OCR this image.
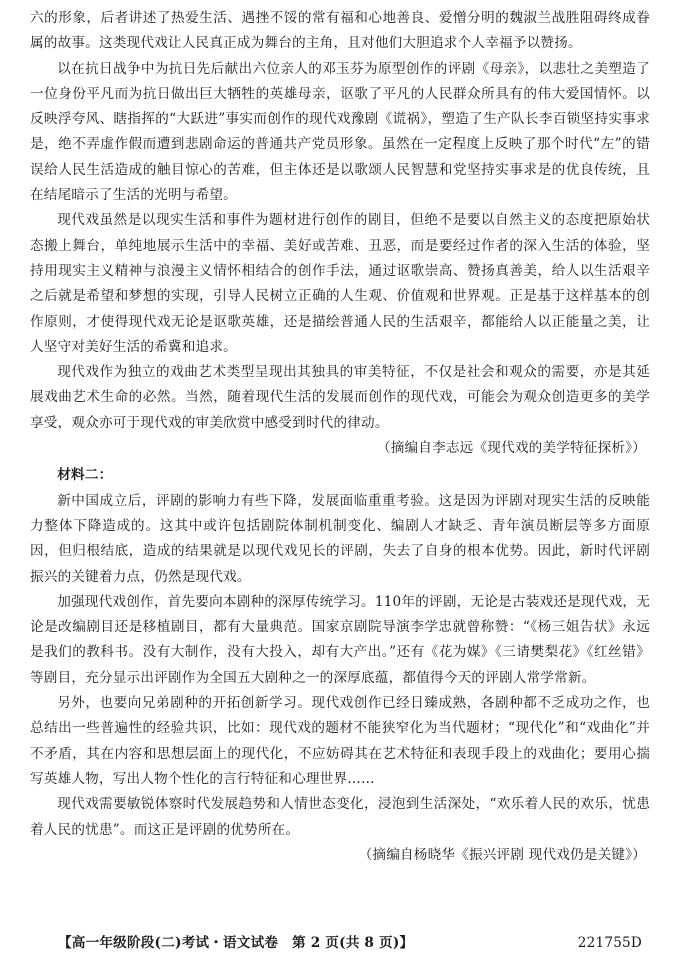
六的形象，后者讲述了热爱生活、遇挫不馁的常有福和心地善良、爱憎分明的魏淑兰战胜阻碍终成眷属的故事。这类现代戏让人民真正成为舞台的主角，且对他们大胆追求个人幸福予以赞扬。

以在抗日战争中为抗日先后献出六位亲人的邓玉芬为原型创作的评剧《母亲》，以悲壮之美塑造了一位身份平凡而为抗日做出巨大牺牲的英雄母亲，讴歌了平凡的人民群众所具有的伟大爱国情怀。以反映浮夸风、瞎指挥的“大跃进”事实而创作的现代戏豫剧《谎祸》，塑造了生产队长李百锁坚持实事求是，绝不弄虚作假而遭到悲剧命运的普通共产党员形象。虽然在一定程度上反映了那个时代“左”的错误给人民生活造成的触目惊心的苦难，但主体还是以歌颂人民智慧和党坚持实事求是的优良传统，且在结尾暗示了生活的光明与希望。

现代戏虽然是以现实生活和事件为题材进行创作的剧目，但绝不是要以自然主义的态度把原始状态搬上舞台，单纯地展示生活中的幸福、美好或苦难、丑恶，而是要经过作者的深入生活的体验，坚持用现实主义精神与浪漫主义情怀相结合的创作手法，通过讴歌崇高、赞扬真善美，给人以生活艰辛之后就是希望和梦想的实现，引导人民树立正确的人生观、价值观和世界观。正是基于这样基本的创作原则，才使得现代戏无论是讴歌英雄，还是描绘普通人民的生活艰辛，都能给人以正能量之美，让人坚守对美好生活的希冀和追求。

现代戏作为独立的戏曲艺术类型呈现出其独具的审美特征，不仅是社会和观众的需要，亦是其延展戏曲艺术生命的必然。当然，随着现代生活的发展而创作的现代戏，可能会为观众创造更多的美学享受，观众亦可于现代戏的审美欣赏中感受到时代的律动。

（摘编自李志远《现代戏的美学特征探析》）

材料二：

新中国成立后，评剧的影响力有些下降，发展面临重重考验。这是因为评剧对现实生活的反映能力整体下降造成的。这其中或许包括剧院体制机制变化、编剧人才缺乏、青年演员断层等多方面原因，但归根结底，造成的结果就是以现代戏见长的评剧，失去了自身的根本优势。因此，新时代评剧振兴的关键着力点，仍然是现代戏。

加强现代戏创作，首先要向本剧种的深厚传统学习。110年的评剧，无论是古装戏还是现代戏，无论是改编剧目还是移植剧目，都有大量典范。国家京剧院导演李学忠就曾称赞：“《杨三姐告状》永远是我们的教科书。没有大制作，没有大投入，却有大产出。”还有《花为媒》《三请樊梨花》《红丝错》等剧目，充分显示出评剧作为全国五大剧种之一的深厚底蕴，都值得今天的评剧人常学常新。

另外，也要向兄弟剧种的开拓创新学习。现代戏创作已经日臻成熟，各剧种都不乏成功之作，也总结出一些普遍性的经验共识，比如：现代戏的题材不能狭窄化为当代题材；“现代化”和“戏曲化”并不矛盾，其在内容和思想层面上的现代化，不应妨碍其在艺术特征和表现手段上的戏曲化；要用心揣写英雄人物，写出人物个性化的言行特征和心理世界……

现代戏需要敏锐体察时代发展趋势和人情世态变化，浸泡到生活深处，“欢乐着人民的欢乐，忧患着人民的忧患”。而这正是评剧的优势所在。

（摘编自杨晓华《振兴评剧 现代戏仍是关键》）

【高一年级阶段(二)考试・语文试卷　第 2 页(共 8 页)】	221755D
